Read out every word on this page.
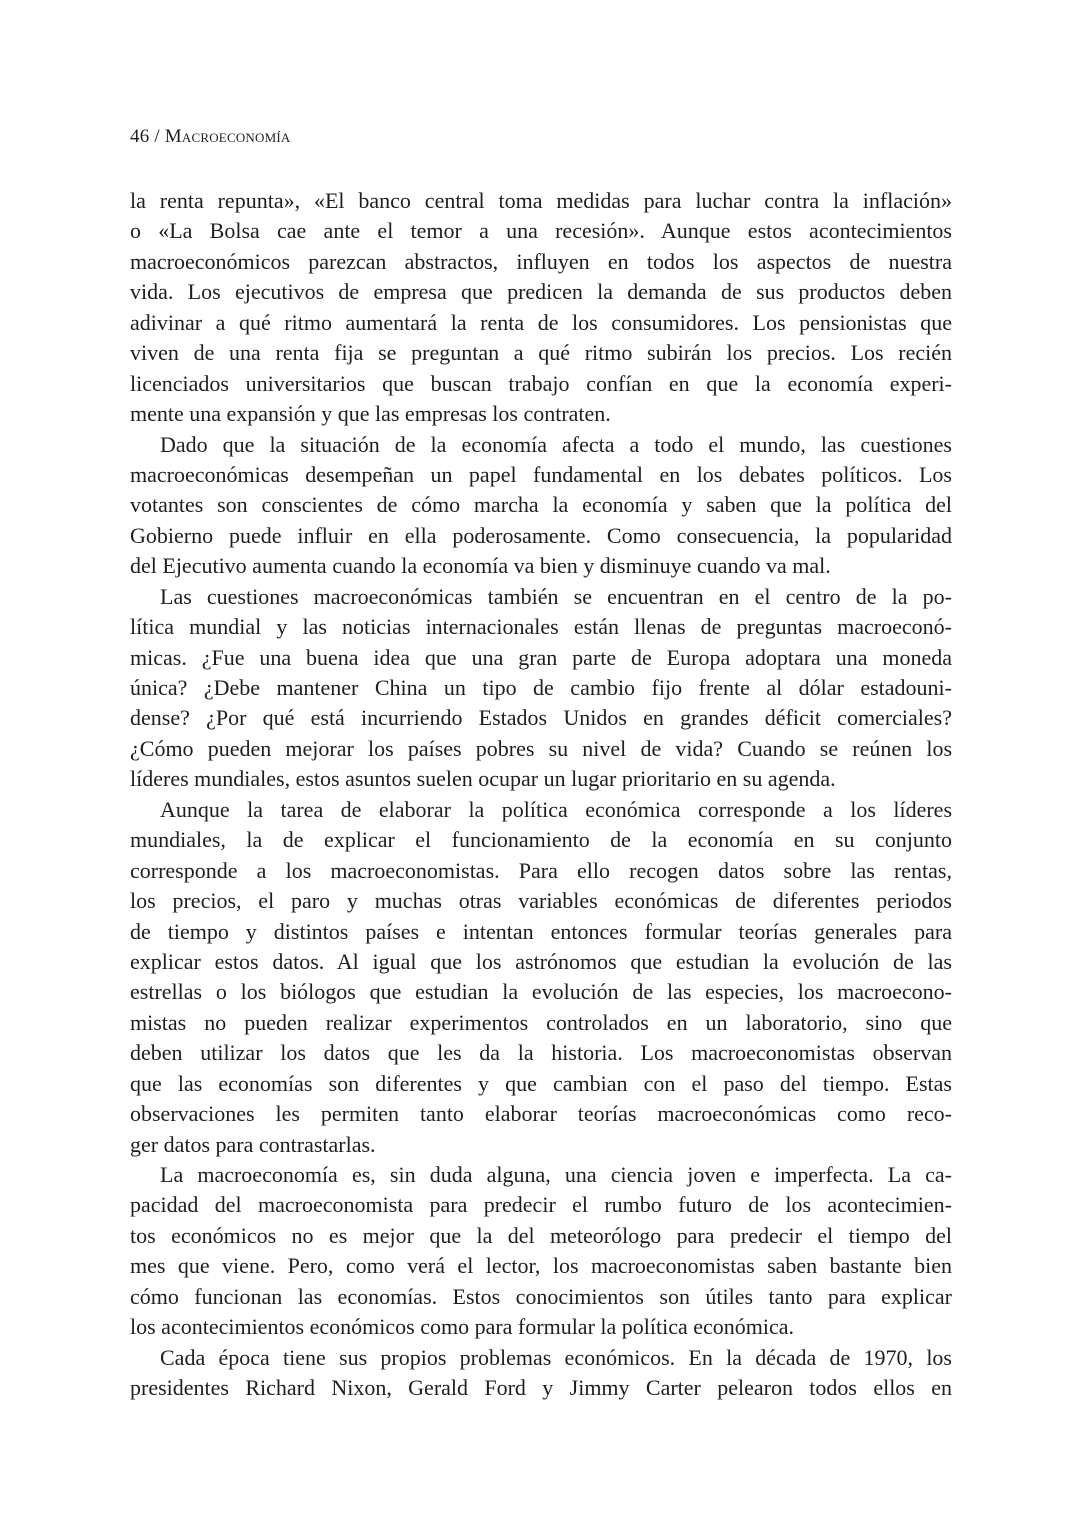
46 / Macroeconomía
la renta repunta», «El banco central toma medidas para luchar contra la inflación»
o «La Bolsa cae ante el temor a una recesión». Aunque estos acontecimientos
macroeconómicos parezcan abstractos, influyen en todos los aspectos de nuestra
vida. Los ejecutivos de empresa que predicen la demanda de sus productos deben
adivinar a qué ritmo aumentará la renta de los consumidores. Los pensionistas que
viven de una renta fija se preguntan a qué ritmo subirán los precios. Los recién
licenciados universitarios que buscan trabajo confían en que la economía experi-
mente una expansión y que las empresas los contraten.
Dado que la situación de la economía afecta a todo el mundo, las cuestiones
macroeconómicas desempeñan un papel fundamental en los debates políticos. Los
votantes son conscientes de cómo marcha la economía y saben que la política del
Gobierno puede influir en ella poderosamente. Como consecuencia, la popularidad
del Ejecutivo aumenta cuando la economía va bien y disminuye cuando va mal.
Las cuestiones macroeconómicas también se encuentran en el centro de la po-
lítica mundial y las noticias internacionales están llenas de preguntas macroeconó-
micas. ¿Fue una buena idea que una gran parte de Europa adoptara una moneda
única? ¿Debe mantener China un tipo de cambio fijo frente al dólar estadouni-
dense? ¿Por qué está incurriendo Estados Unidos en grandes déficit comerciales?
¿Cómo pueden mejorar los países pobres su nivel de vida? Cuando se reúnen los
líderes mundiales, estos asuntos suelen ocupar un lugar prioritario en su agenda.
Aunque la tarea de elaborar la política económica corresponde a los líderes
mundiales, la de explicar el funcionamiento de la economía en su conjunto
corresponde a los macroeconomistas. Para ello recogen datos sobre las rentas,
los precios, el paro y muchas otras variables económicas de diferentes periodos
de tiempo y distintos países e intentan entonces formular teorías generales para
explicar estos datos. Al igual que los astrónomos que estudian la evolución de las
estrellas o los biólogos que estudian la evolución de las especies, los macroecono-
mistas no pueden realizar experimentos controlados en un laboratorio, sino que
deben utilizar los datos que les da la historia. Los macroeconomistas observan
que las economías son diferentes y que cambian con el paso del tiempo. Estas
observaciones les permiten tanto elaborar teorías macroeconómicas como reco-
ger datos para contrastarlas.
La macroeconomía es, sin duda alguna, una ciencia joven e imperfecta. La ca-
pacidad del macroeconomista para predecir el rumbo futuro de los acontecimien-
tos económicos no es mejor que la del meteorólogo para predecir el tiempo del
mes que viene. Pero, como verá el lector, los macroeconomistas saben bastante bien
cómo funcionan las economías. Estos conocimientos son útiles tanto para explicar
los acontecimientos económicos como para formular la política económica.
Cada época tiene sus propios problemas económicos. En la década de 1970, los
presidentes Richard Nixon, Gerald Ford y Jimmy Carter pelearon todos ellos en
